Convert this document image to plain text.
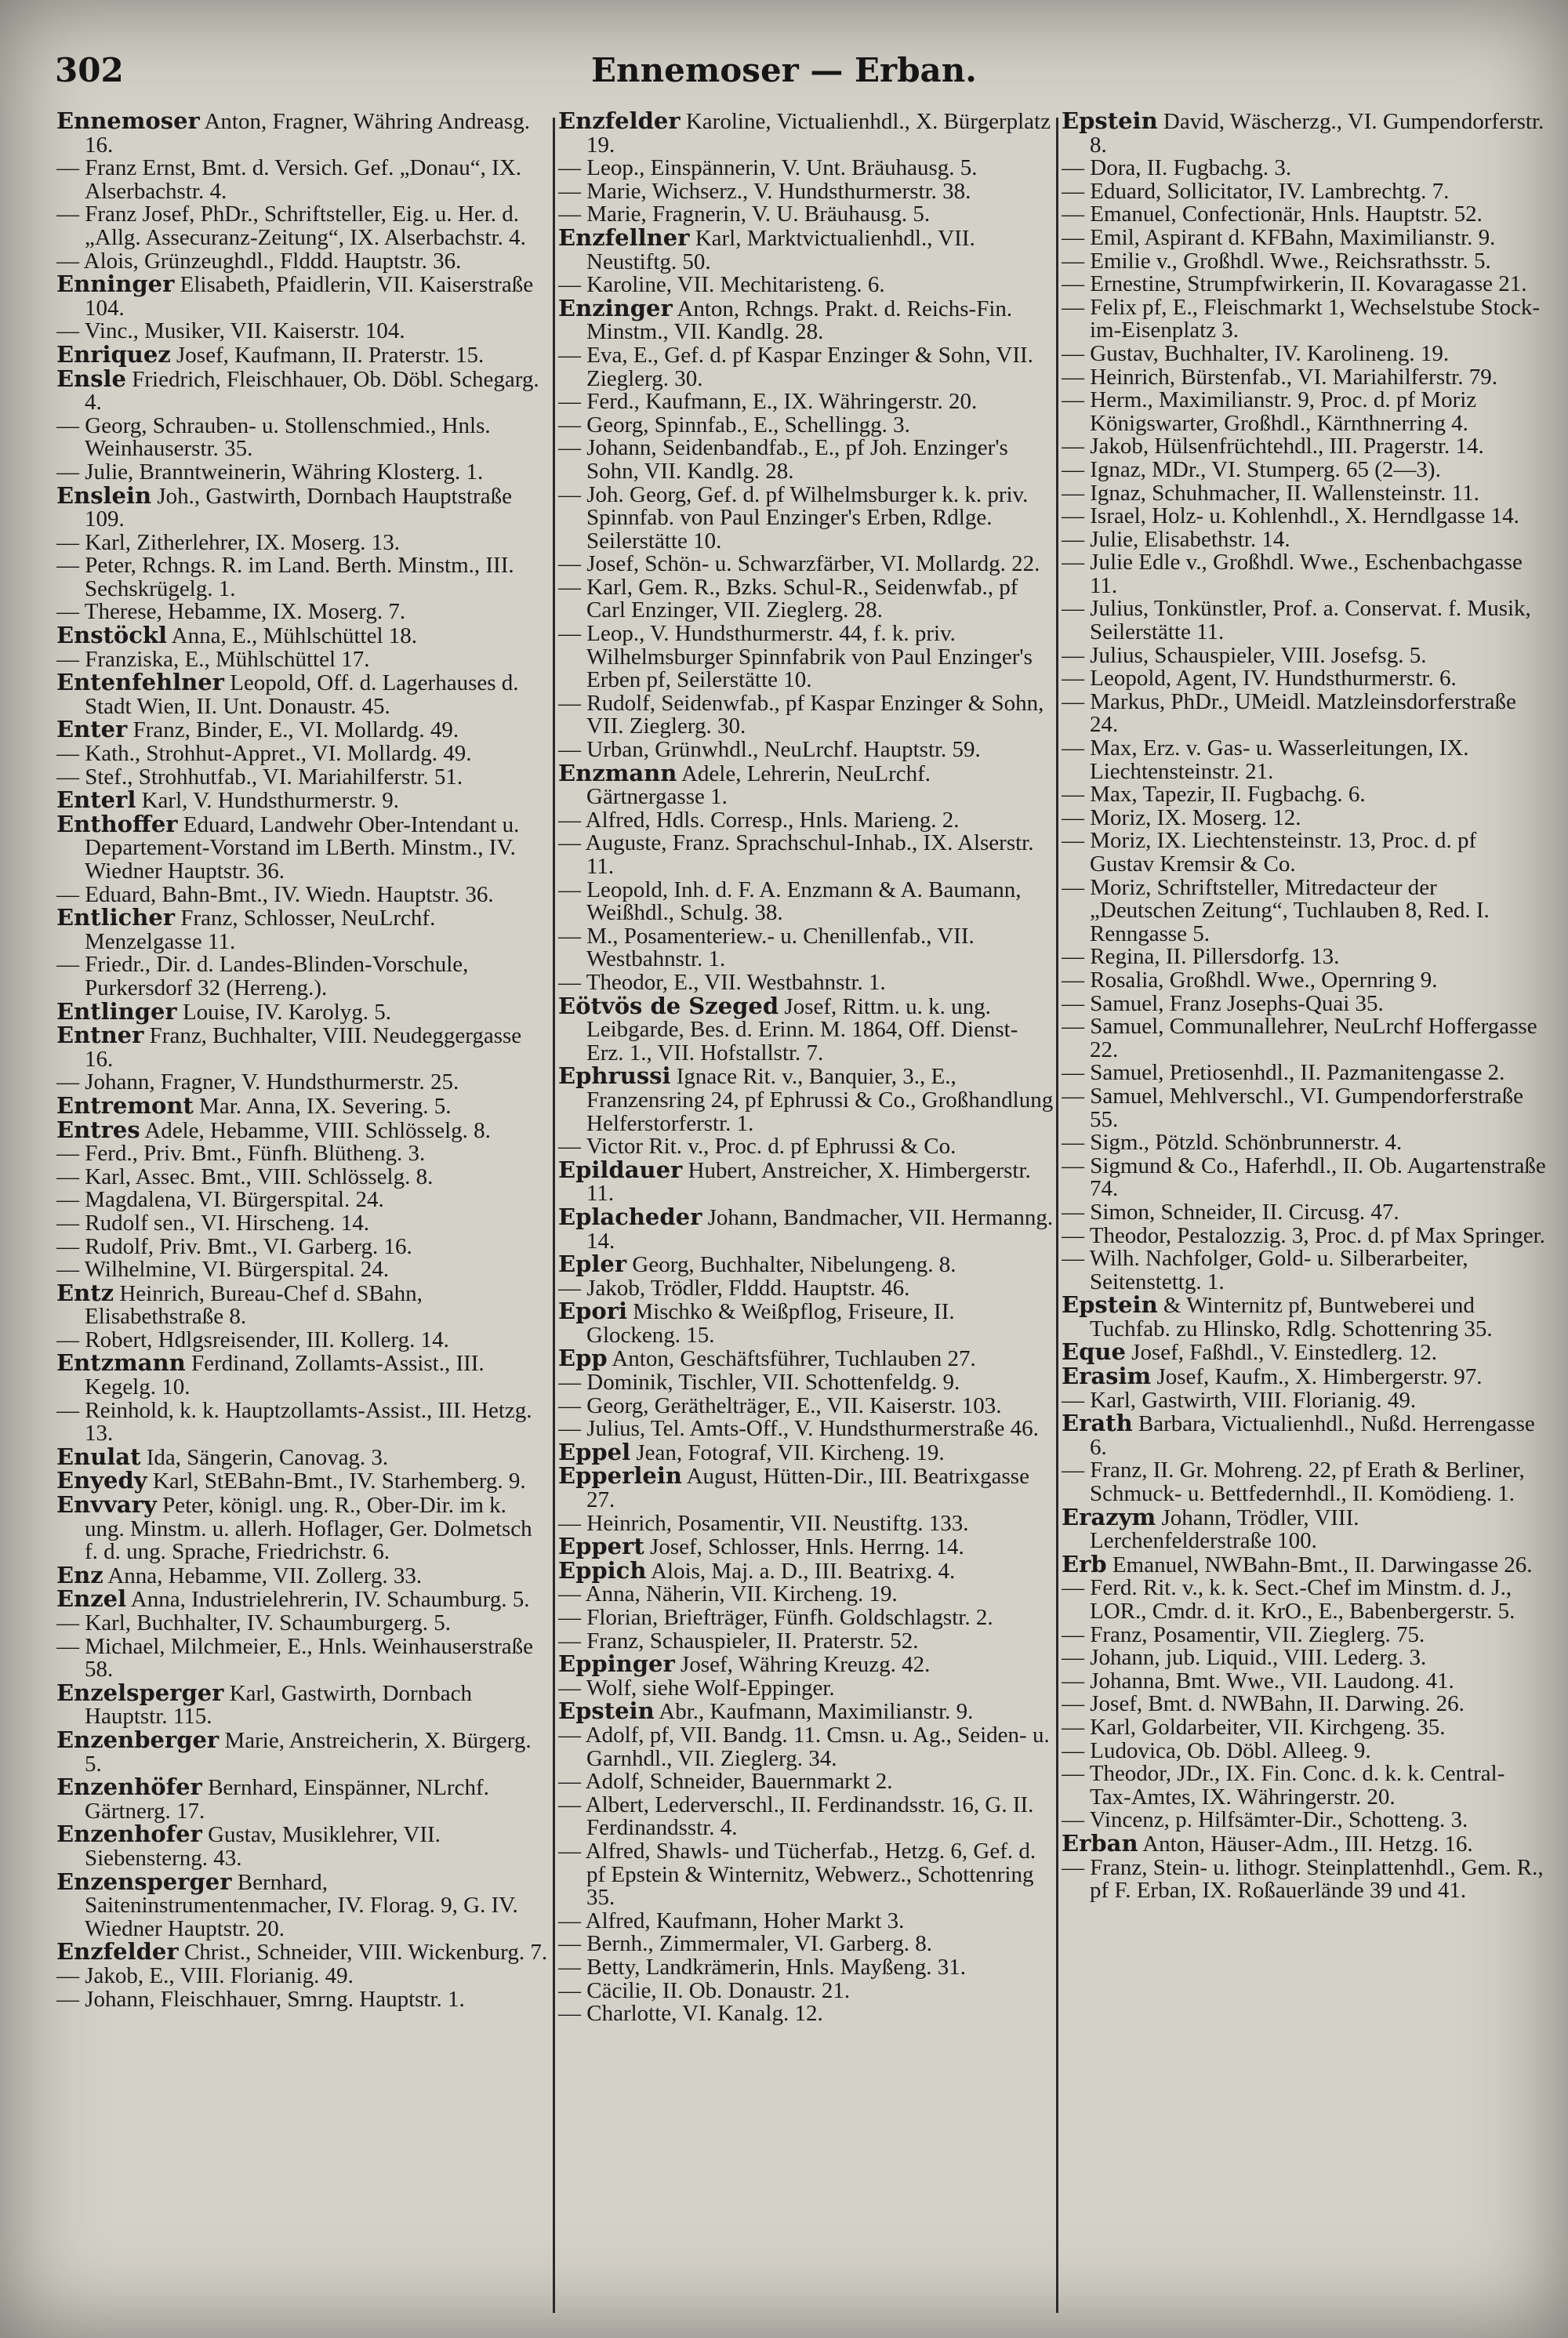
302	Ennemoser — Erban.

Ennemoser Anton, Fragner, Währing Andreasg. 16.

— Franz Ernst, Bmt. d. Versich. Gef. „Donau“, IX. Alserbachstr. 4.

— Franz Josef, PhDr., Schriftsteller, Eig. u. Her. d. „Allg. Assecuranz-Zeitung“, IX. Alserbachstr. 4.

— Alois, Grünzeughdl., Flddd. Hauptstr. 36.

Enninger Elisabeth, Pfaidlerin, VII. Kaiserstraße 104.

— Vinc., Musiker, VII. Kaiserstr. 104.

Enriquez Josef, Kaufmann, II. Praterstr. 15.

Ensle Friedrich, Fleischhauer, Ob. Döbl. Schegarg. 4.

— Georg, Schrauben- u. Stollenschmied., Hnls. Weinhauserstr. 35.

— Julie, Branntweinerin, Währing Klosterg. 1.

Enslein Joh., Gastwirth, Dornbach Hauptstraße 109.

— Karl, Zitherlehrer, IX. Moserg. 13.

— Peter, Rchngs. R. im Land. Berth. Minstm., III. Sechskrügelg. 1.

— Therese, Hebamme, IX. Moserg. 7.

Enstöckl Anna, E., Mühlschüttel 18.

— Franziska, E., Mühlschüttel 17.

Entenfehlner Leopold, Off. d. Lagerhauses d. Stadt Wien, II. Unt. Donaustr. 45.

Enter Franz, Binder, E., VI. Mollardg. 49.

— Kath., Strohhut-Appret., VI. Mollardg. 49.

— Stef., Strohhutfab., VI. Mariahilferstr. 51.

Enterl Karl, V. Hundsthurmerstr. 9.

Enthoffer Eduard, Landwehr Ober-Intendant u. Departement-Vorstand im LBerth. Minstm., IV. Wiedner Hauptstr. 36.

— Eduard, Bahn-Bmt., IV. Wiedn. Hauptstr. 36.

Entlicher Franz, Schlosser, NeuLrchf. Menzelgasse 11.

— Friedr., Dir. d. Landes-Blinden-Vorschule, Purkersdorf 32 (Herreng.).

Entlinger Louise, IV. Karolyg. 5.

Entner Franz, Buchhalter, VIII. Neudeggergasse 16.

— Johann, Fragner, V. Hundsthurmerstr. 25.

Entremont Mar. Anna, IX. Severing. 5.

Entres Adele, Hebamme, VIII. Schlösselg. 8.

— Ferd., Priv. Bmt., Fünfh. Blütheng. 3.

— Karl, Assec. Bmt., VIII. Schlösselg. 8.

— Magdalena, VI. Bürgerspital. 24.

— Rudolf sen., VI. Hirscheng. 14.

— Rudolf, Priv. Bmt., VI. Garberg. 16.

— Wilhelmine, VI. Bürgerspital. 24.

Entz Heinrich, Bureau-Chef d. SBahn, Elisabethstraße 8.

— Robert, Hdlgsreisender, III. Kollerg. 14.

Entzmann Ferdinand, Zollamts-Assist., III. Kegelg. 10.

— Reinhold, k. k. Hauptzollamts-Assist., III. Hetzg. 13.

Enulat Ida, Sängerin, Canovag. 3.

Enyedy Karl, StEBahn-Bmt., IV. Starhemberg. 9.

Envvary Peter, königl. ung. R., Ober-Dir. im k. ung. Minstm. u. allerh. Hoflager, Ger. Dolmetsch f. d. ung. Sprache, Friedrichstr. 6.

Enz Anna, Hebamme, VII. Zollerg. 33.

Enzel Anna, Industrielehrerin, IV. Schaumburg. 5.

— Karl, Buchhalter, IV. Schaumburgerg. 5.

— Michael, Milchmeier, E., Hnls. Weinhauserstraße 58.

Enzelsperger Karl, Gastwirth, Dornbach Hauptstr. 115.

Enzenberger Marie, Anstreicherin, X. Bürgerg. 5.

Enzenhöfer Bernhard, Einspänner, NLrchf. Gärtnerg. 17.

Enzenhofer Gustav, Musiklehrer, VII. Siebensterng. 43.

Enzensperger Bernhard, Saiteninstrumentenmacher, IV. Florag. 9, G. IV. Wiedner Hauptstr. 20.

Enzfelder Christ., Schneider, VIII. Wickenburg. 7.

— Jakob, E., VIII. Florianig. 49.

— Johann, Fleischhauer, Smrng. Hauptstr. 1.

Enzfelder Karoline, Victualienhdl., X. Bürgerplatz 19.

— Leop., Einspännerin, V. Unt. Bräuhausg. 5.

— Marie, Wichserz., V. Hundsthurmerstr. 38.

— Marie, Fragnerin, V. U. Bräuhausg. 5.

Enzfellner Karl, Marktvictualienhdl., VII. Neustiftg. 50.

— Karoline, VII. Mechitaristeng. 6.

Enzinger Anton, Rchngs. Prakt. d. Reichs-Fin. Minstm., VII. Kandlg. 28.

— Eva, E., Gef. d. pf Kaspar Enzinger & Sohn, VII. Zieglerg. 30.

— Ferd., Kaufmann, E., IX. Währingerstr. 20.

— Georg, Spinnfab., E., Schellingg. 3.

— Johann, Seidenbandfab., E., pf Joh. Enzinger's Sohn, VII. Kandlg. 28.

— Joh. Georg, Gef. d. pf Wilhelmsburger k. k. priv. Spinnfab. von Paul Enzinger's Erben, Rdlge. Seilerstätte 10.

— Josef, Schön- u. Schwarzfärber, VI. Mollardg. 22.

— Karl, Gem. R., Bzks. Schul-R., Seidenwfab., pf Carl Enzinger, VII. Zieglerg. 28.

— Leop., V. Hundsthurmerstr. 44, f. k. priv. Wilhelmsburger Spinnfabrik von Paul Enzinger's Erben pf, Seilerstätte 10.

— Rudolf, Seidenwfab., pf Kaspar Enzinger & Sohn, VII. Zieglerg. 30.

— Urban, Grünwhdl., NeuLrchf. Hauptstr. 59.

Enzmann Adele, Lehrerin, NeuLrchf. Gärtnergasse 1.

— Alfred, Hdls. Corresp., Hnls. Marieng. 2.

— Auguste, Franz. Sprachschul-Inhab., IX. Alserstr. 11.

— Leopold, Inh. d. F. A. Enzmann & A. Baumann, Weißhdl., Schulg. 38.

— M., Posamenteriew.- u. Chenillenfab., VII. Westbahnstr. 1.

— Theodor, E., VII. Westbahnstr. 1.

Eötvös de Szeged Josef, Rittm. u. k. ung. Leibgarde, Bes. d. Erinn. M. 1864, Off. Dienst-Erz. 1., VII. Hofstallstr. 7.

Ephrussi Ignace Rit. v., Banquier, 3., E., Franzensring 24, pf Ephrussi & Co., Großhandlung Helferstorferstr. 1.

— Victor Rit. v., Proc. d. pf Ephrussi & Co.

Epildauer Hubert, Anstreicher, X. Himbergerstr. 11.

Eplacheder Johann, Bandmacher, VII. Hermanng. 14.

Epler Georg, Buchhalter, Nibelungeng. 8.

— Jakob, Trödler, Flddd. Hauptstr. 46.

Epori Mischko & Weißpflog, Friseure, II. Glockeng. 15.

Epp Anton, Geschäftsführer, Tuchlauben 27.

— Dominik, Tischler, VII. Schottenfeldg. 9.

— Georg, Geräthelträger, E., VII. Kaiserstr. 103.

— Julius, Tel. Amts-Off., V. Hundsthurmerstraße 46.

Eppel Jean, Fotograf, VII. Kircheng. 19.

Epperlein August, Hütten-Dir., III. Beatrixgasse 27.

— Heinrich, Posamentir, VII. Neustiftg. 133.

Eppert Josef, Schlosser, Hnls. Herrng. 14.

Eppich Alois, Maj. a. D., III. Beatrixg. 4.

— Anna, Näherin, VII. Kircheng. 19.

— Florian, Briefträger, Fünfh. Goldschlagstr. 2.

— Franz, Schauspieler, II. Praterstr. 52.

Eppinger Josef, Währing Kreuzg. 42.

— Wolf, siehe Wolf-Eppinger.

Epstein Abr., Kaufmann, Maximilianstr. 9.

— Adolf, pf, VII. Bandg. 11. Cmsn. u. Ag., Seiden- u. Garnhdl., VII. Zieglerg. 34.

— Adolf, Schneider, Bauernmarkt 2.

— Albert, Lederverschl., II. Ferdinandsstr. 16, G. II. Ferdinandsstr. 4.

— Alfred, Shawls- und Tücherfab., Hetzg. 6, Gef. d. pf Epstein & Winternitz, Webwerz., Schottenring 35.

— Alfred, Kaufmann, Hoher Markt 3.

— Bernh., Zimmermaler, VI. Garberg. 8.

— Betty, Landkrämerin, Hnls. Mayßeng. 31.

— Cäcilie, II. Ob. Donaustr. 21.

— Charlotte, VI. Kanalg. 12.

Epstein David, Wäscherzg., VI. Gumpendorferstr. 8.

— Dora, II. Fugbachg. 3.

— Eduard, Sollicitator, IV. Lambrechtg. 7.

— Emanuel, Confectionär, Hnls. Hauptstr. 52.

— Emil, Aspirant d. KFBahn, Maximilianstr. 9.

— Emilie v., Großhdl. Wwe., Reichsrathsstr. 5.

— Ernestine, Strumpfwirkerin, II. Kovaragasse 21.

— Felix pf, E., Fleischmarkt 1, Wechselstube Stock-im-Eisenplatz 3.

— Gustav, Buchhalter, IV. Karolineng. 19.

— Heinrich, Bürstenfab., VI. Mariahilferstr. 79.

— Herm., Maximilianstr. 9, Proc. d. pf Moriz Königswarter, Großhdl., Kärnthnerring 4.

— Jakob, Hülsenfrüchtehdl., III. Pragerstr. 14.

— Ignaz, MDr., VI. Stumperg. 65 (2—3).

— Ignaz, Schuhmacher, II. Wallensteinstr. 11.

— Israel, Holz- u. Kohlenhdl., X. Herndlgasse 14.

— Julie, Elisabethstr. 14.

— Julie Edle v., Großhdl. Wwe., Eschenbachgasse 11.

— Julius, Tonkünstler, Prof. a. Conservat. f. Musik, Seilerstätte 11.

— Julius, Schauspieler, VIII. Josefsg. 5.

— Leopold, Agent, IV. Hundsthurmerstr. 6.

— Markus, PhDr., UMeidl. Matzleinsdorferstraße 24.

— Max, Erz. v. Gas- u. Wasserleitungen, IX. Liechtensteinstr. 21.

— Max, Tapezir, II. Fugbachg. 6.

— Moriz, IX. Moserg. 12.

— Moriz, IX. Liechtensteinstr. 13, Proc. d. pf Gustav Kremsir & Co.

— Moriz, Schriftsteller, Mitredacteur der „Deutschen Zeitung“, Tuchlauben 8, Red. I. Renngasse 5.

— Regina, II. Pillersdorfg. 13.

— Rosalia, Großhdl. Wwe., Opernring 9.

— Samuel, Franz Josephs-Quai 35.

— Samuel, Communallehrer, NeuLrchf Hoffergasse 22.

— Samuel, Pretiosenhdl., II. Pazmanitengasse 2.

— Samuel, Mehlverschl., VI. Gumpendorferstraße 55.

— Sigm., Pötzld. Schönbrunnerstr. 4.

— Sigmund & Co., Haferhdl., II. Ob. Augartenstraße 74.

— Simon, Schneider, II. Circusg. 47.

— Theodor, Pestalozzig. 3, Proc. d. pf Max Springer.

— Wilh. Nachfolger, Gold- u. Silberarbeiter, Seitenstettg. 1.

Epstein & Winternitz pf, Buntweberei und Tuchfab. zu Hlinsko, Rdlg. Schottenring 35.

Eque Josef, Faßhdl., V. Einstedlerg. 12.

Erasim Josef, Kaufm., X. Himbergerstr. 97.

— Karl, Gastwirth, VIII. Florianig. 49.

Erath Barbara, Victualienhdl., Nußd. Herrengasse 6.

— Franz, II. Gr. Mohreng. 22, pf Erath & Berliner, Schmuck- u. Bettfedernhdl., II. Komödieng. 1.

Erazym Johann, Trödler, VIII. Lerchenfelderstraße 100.

Erb Emanuel, NWBahn-Bmt., II. Darwingasse 26.

— Ferd. Rit. v., k. k. Sect.-Chef im Minstm. d. J., LOR., Cmdr. d. it. KrO., E., Babenbergerstr. 5.

— Franz, Posamentir, VII. Zieglerg. 75.

— Johann, jub. Liquid., VIII. Lederg. 3.

— Johanna, Bmt. Wwe., VII. Laudong. 41.

— Josef, Bmt. d. NWBahn, II. Darwing. 26.

— Karl, Goldarbeiter, VII. Kirchgeng. 35.

— Ludovica, Ob. Döbl. Alleeg. 9.

— Theodor, JDr., IX. Fin. Conc. d. k. k. Central-Tax-Amtes, IX. Währingerstr. 20.

— Vincenz, p. Hilfsämter-Dir., Schotteng. 3.

Erban Anton, Häuser-Adm., III. Hetzg. 16.

— Franz, Stein- u. lithogr. Steinplattenhdl., Gem. R., pf F. Erban, IX. Roßauerlände 39 und 41.
